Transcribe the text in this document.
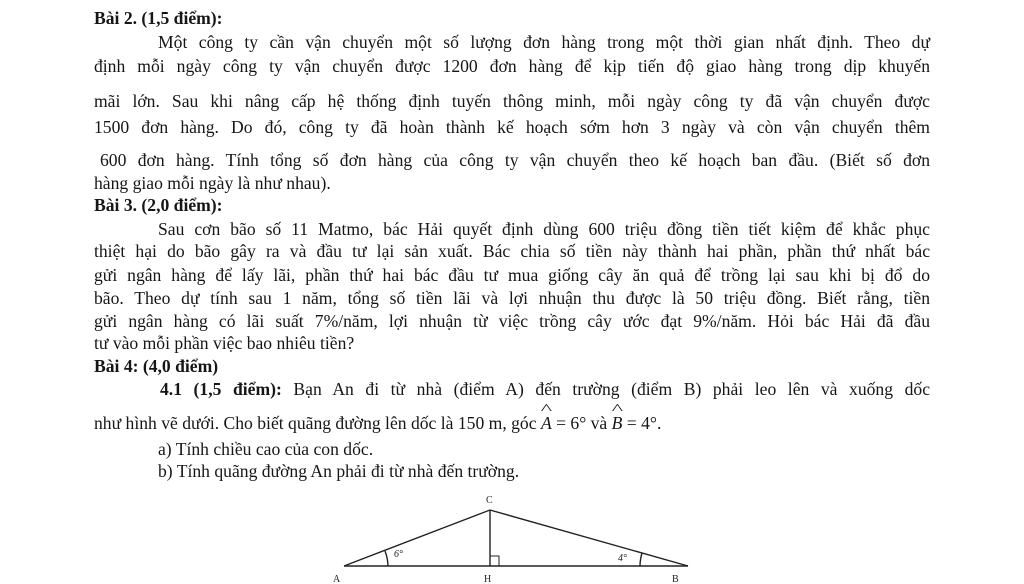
Bài 2. (1,5 điểm):
Một công ty cần vận chuyển một số lượng đơn hàng trong một thời gian nhất định. Theo dự
định mỗi ngày công ty vận chuyển được 1200 đơn hàng để kịp tiến độ giao hàng trong dịp khuyến
mãi lớn. Sau khi nâng cấp hệ thống định tuyến thông minh, mỗi ngày công ty đã vận chuyển được
1500 đơn hàng. Do đó, công ty đã hoàn thành kế hoạch sớm hơn 3 ngày và còn vận chuyển thêm
600 đơn hàng. Tính tổng số đơn hàng của công ty vận chuyển theo kế hoạch ban đầu. (Biết số đơn
hàng giao mỗi ngày là như nhau).
Bài 3. (2,0 điểm):
Sau cơn bão số 11 Matmo, bác Hải quyết định dùng 600 triệu đồng tiền tiết kiệm để khắc phục
thiệt hại do bão gây ra và đầu tư lại sản xuất. Bác chia số tiền này thành hai phần, phần thứ nhất bác
gửi ngân hàng để lấy lãi, phần thứ hai bác đầu tư mua giống cây ăn quả để trồng lại sau khi bị đổ do
bão. Theo dự tính sau 1 năm, tổng số tiền lãi và lợi nhuận thu được là 50 triệu đồng. Biết rằng, tiền
gửi ngân hàng có lãi suất 7%/năm, lợi nhuận từ việc trồng cây ước đạt 9%/năm. Hỏi bác Hải đã đầu
tư vào mỗi phần việc bao nhiêu tiền?
Bài 4: (4,0 điểm)
4.1 (1,5 điểm): Bạn An đi từ nhà (điểm A) đến trường (điểm B) phải leo lên và xuống dốc
như hình vẽ dưới. Cho biết quãng đường lên dốc là 150 m, góc ^ A = 6° và ^ B = 4°.
a) Tính chiều cao của con dốc.
b) Tính quãng đường An phải đi từ nhà đến trường.
C
A	H	B
6°	4°
